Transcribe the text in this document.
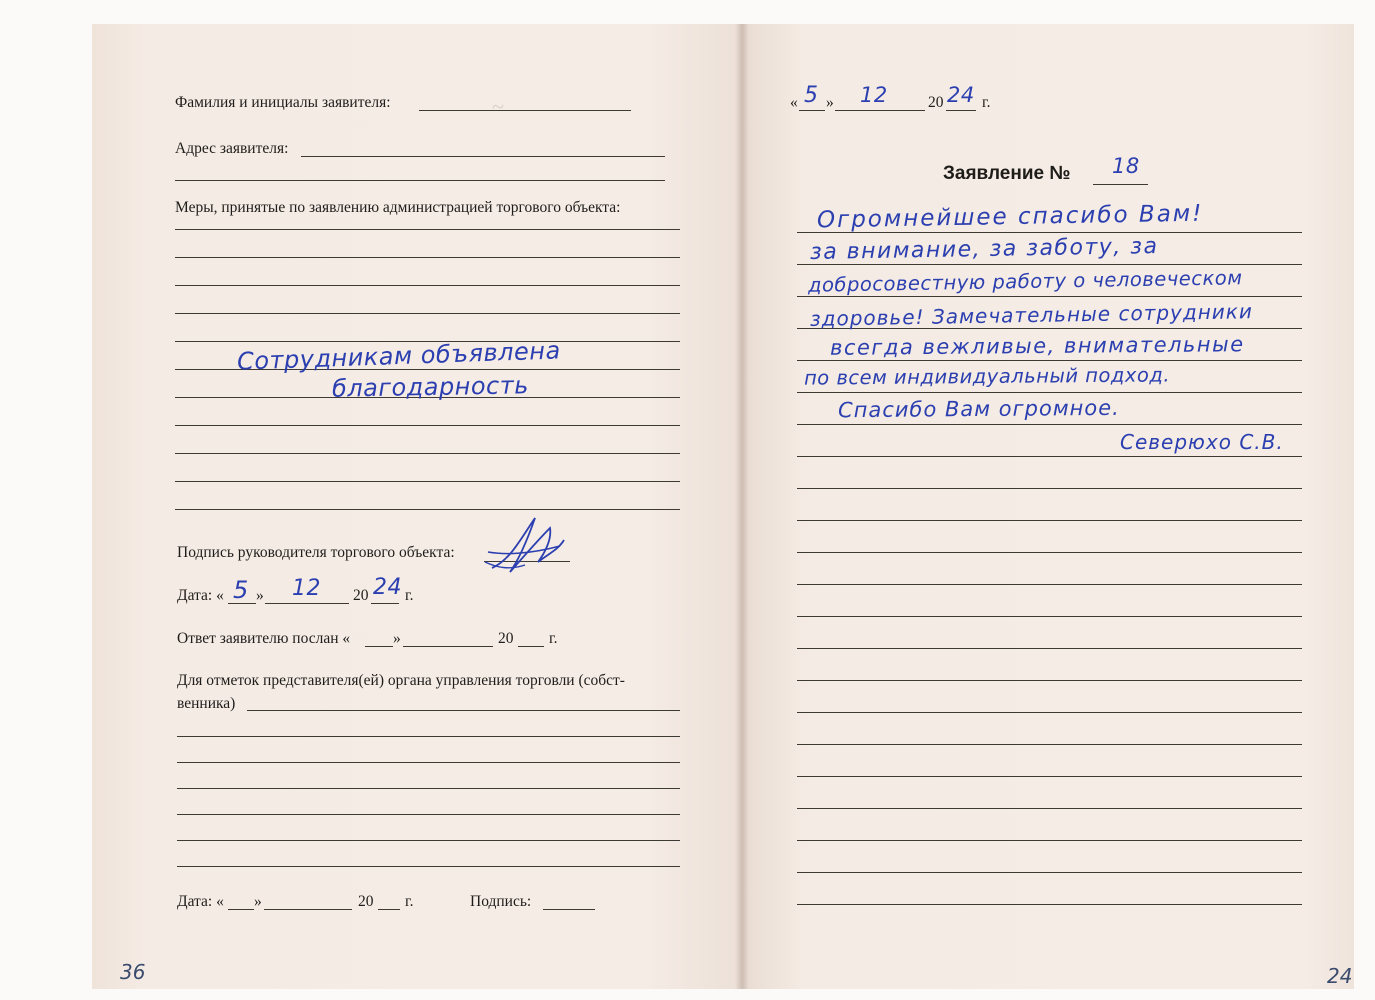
~
Фамилия и инициалы заявителя:
Адрес заявителя:
Меры, принятые по заявлению администрацией торгового объекта:
Сотрудникам объявлена
благодарность
Подпись руководителя торгового объекта:
Дата: « 5 » 12 20 24 г.
Ответ заявителю послан «	»	20 г.
Для отметок представителя(ей) органа управления торговли (собст-
венника)
Дата: « »	20 г.	Подпись:
36
« 5 » 12	20 24 г.
Заявление № 18
Огромнейшее спасибо Вам!
за внимание, за заботу, за
добросовестную работу о человеческом
здоровье! Замечательные сотрудники
всегда вежливые, внимательные
по всем индивидуальный подход.
Спасибо Вам огромное.
Северюхо С.В.
24
